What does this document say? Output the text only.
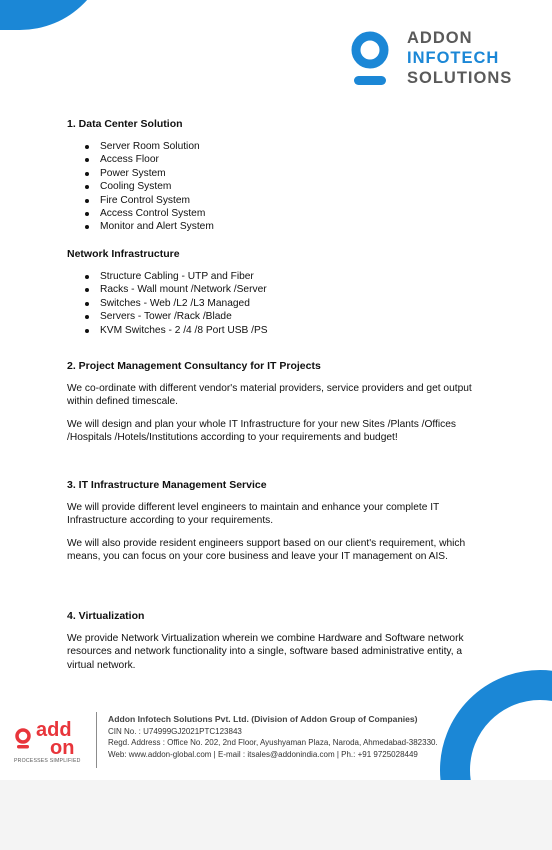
ADDON
INFOTECH
SOLUTIONS
1. Data Center Solution
Server Room Solution
Access Floor
Power System
Cooling System
Fire Control System
Access Control System
Monitor and Alert System
Network Infrastructure
Structure Cabling - UTP and Fiber
Racks - Wall mount /Network /Server
Switches - Web /L2 /L3 Managed
Servers - Tower /Rack /Blade
KVM Switches - 2 /4 /8 Port USB /PS
2. Project Management Consultancy for IT Projects

We co-ordinate with different vendor's material providers, service providers and get output within defined timescale.

We will design and plan your whole IT Infrastructure for your new Sites /Plants /Offices /Hospitals /Hotels/Institutions according to your requirements and budget!

3. IT Infrastructure Management Service

We will provide different level engineers to maintain and enhance your complete IT Infrastructure according to your requirements.

We will also provide resident engineers support based on our client's requirement, which means, you can focus on your core business and leave your IT management on AIS.

4. Virtualization

We provide Network Virtualization wherein we combine Hardware and Software network resources and network functionality into a single, software based administrative entity, a virtual network.

add
on
PROCESSES SIMPLIFIED
Addon Infotech Solutions Pvt. Ltd. (Division of Addon Group of Companies)
CIN No. : U74999GJ2021PTC123843
Regd. Address : Office No. 202, 2nd Floor, Ayushyaman Plaza, Naroda, Ahmedabad-382330.
Web: www.addon-global.com | E-mail : itsales@addonindia.com | Ph.: +91 9725028449
